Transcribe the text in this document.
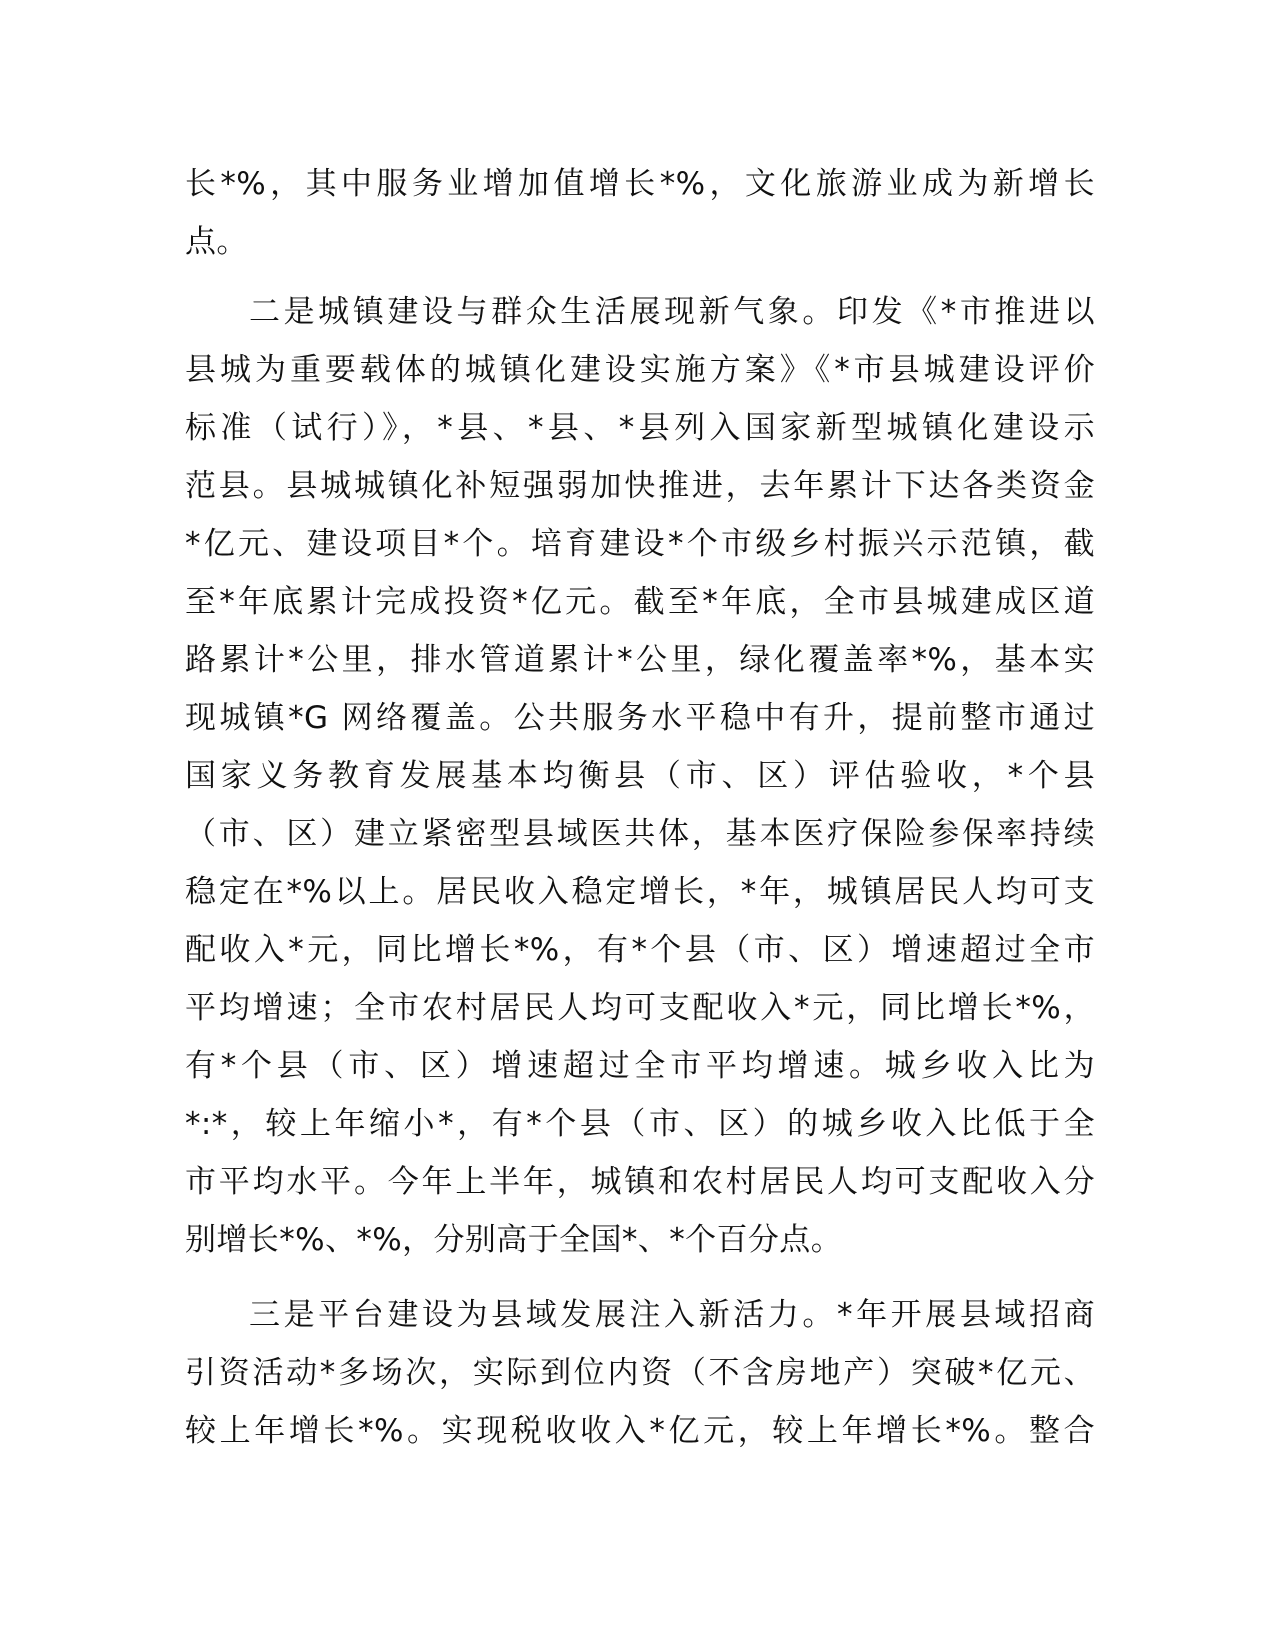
长*%，其中服务业增加值增长*%，文化旅游业成为新增长
点。
二是城镇建设与群众生活展现新气象。印发《*市推进以
县城为重要载体的城镇化建设实施方案》《*市县城建设评价
标准（试行）》，*县、*县、*县列入国家新型城镇化建设示
范县。县城城镇化补短强弱加快推进，去年累计下达各类资金
*亿元、建设项目*个。培育建设*个市级乡村振兴示范镇，截
至*年底累计完成投资*亿元。截至*年底，全市县城建成区道
路累计*公里，排水管道累计*公里，绿化覆盖率*%，基本实
现城镇*G 网络覆盖。公共服务水平稳中有升，提前整市通过
国家义务教育发展基本均衡县（市、区）评估验收，*个县
（市、区）建立紧密型县域医共体，基本医疗保险参保率持续
稳定在*%以上。居民收入稳定增长，*年，城镇居民人均可支
配收入*元，同比增长*%，有*个县（市、区）增速超过全市
平均增速；全市农村居民人均可支配收入*元，同比增长*%，
有*个县（市、区）增速超过全市平均增速。城乡收入比为
*:*，较上年缩小*，有*个县（市、区）的城乡收入比低于全
市平均水平。今年上半年，城镇和农村居民人均可支配收入分
别增长*%、*%，分别高于全国*、*个百分点。
三是平台建设为县域发展注入新活力。*年开展县域招商
引资活动*多场次，实际到位内资（不含房地产）突破*亿元、
较上年增长*%。实现税收收入*亿元，较上年增长*%。整合
